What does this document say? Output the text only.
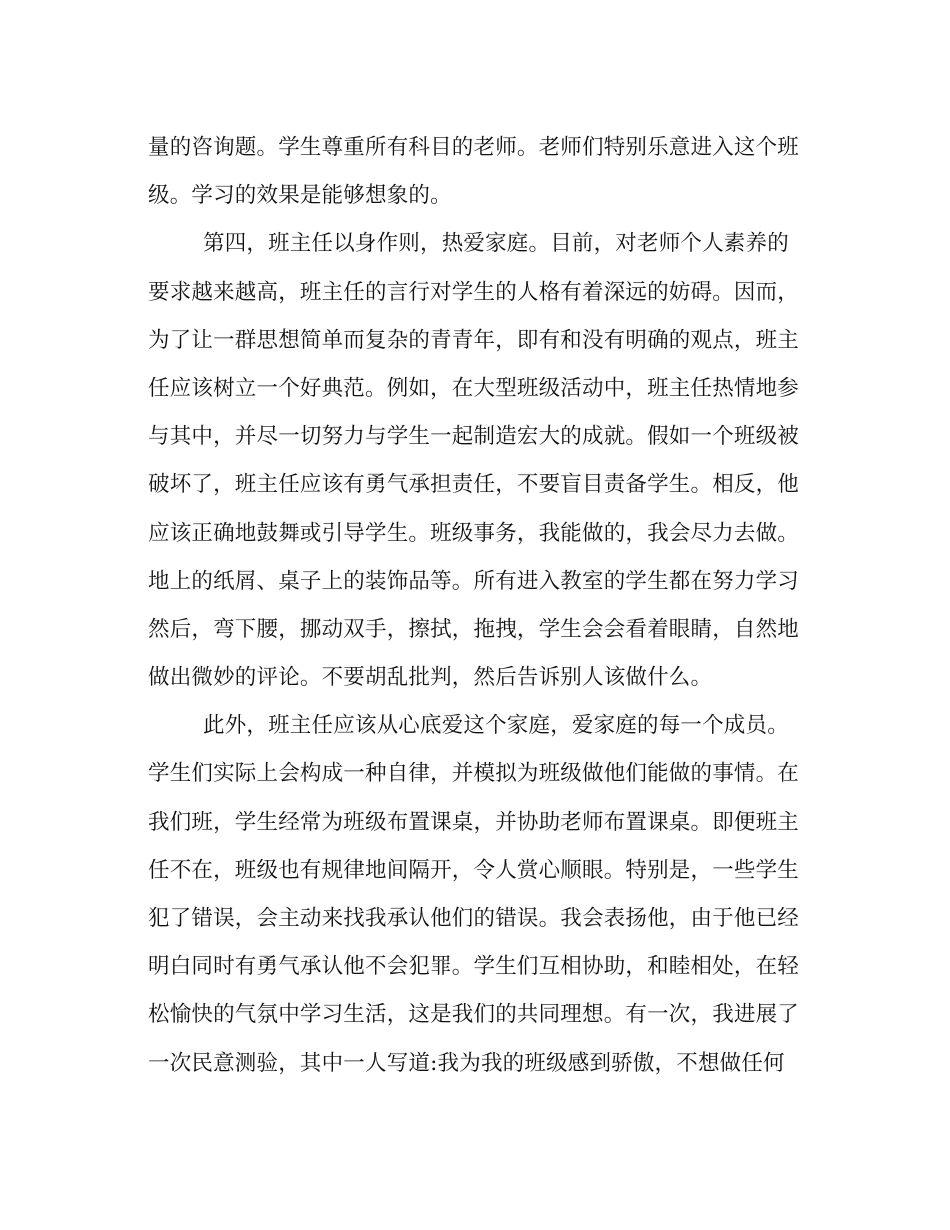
量的咨询题。学生尊重所有科目的老师。老师们特别乐意进入这个班
级。学习的效果是能够想象的。
第四，班主任以身作则，热爱家庭。目前，对老师个人素养的
要求越来越高，班主任的言行对学生的人格有着深远的妨碍。因而，
为了让一群思想简单而复杂的青青年，即有和没有明确的观点，班主
任应该树立一个好典范。例如，在大型班级活动中，班主任热情地参
与其中，并尽一切努力与学生一起制造宏大的成就。假如一个班级被
破坏了，班主任应该有勇气承担责任，不要盲目责备学生。相反，他
应该正确地鼓舞或引导学生。班级事务，我能做的，我会尽力去做。
地上的纸屑、桌子上的装饰品等。所有进入教室的学生都在努力学习
然后，弯下腰，挪动双手，擦拭，拖拽，学生会会看着眼睛，自然地
做出微妙的评论。不要胡乱批判，然后告诉别人该做什么。
此外，班主任应该从心底爱这个家庭，爱家庭的每一个成员。
学生们实际上会构成一种自律，并模拟为班级做他们能做的事情。在
我们班，学生经常为班级布置课桌，并协助老师布置课桌。即便班主
任不在，班级也有规律地间隔开，令人赏心顺眼。特别是，一些学生
犯了错误，会主动来找我承认他们的错误。我会表扬他，由于他已经
明白同时有勇气承认他不会犯罪。学生们互相协助，和睦相处，在轻
松愉快的气氛中学习生活，这是我们的共同理想。有一次，我进展了
一次民意测验，其中一人写道:我为我的班级感到骄傲，不想做任何
